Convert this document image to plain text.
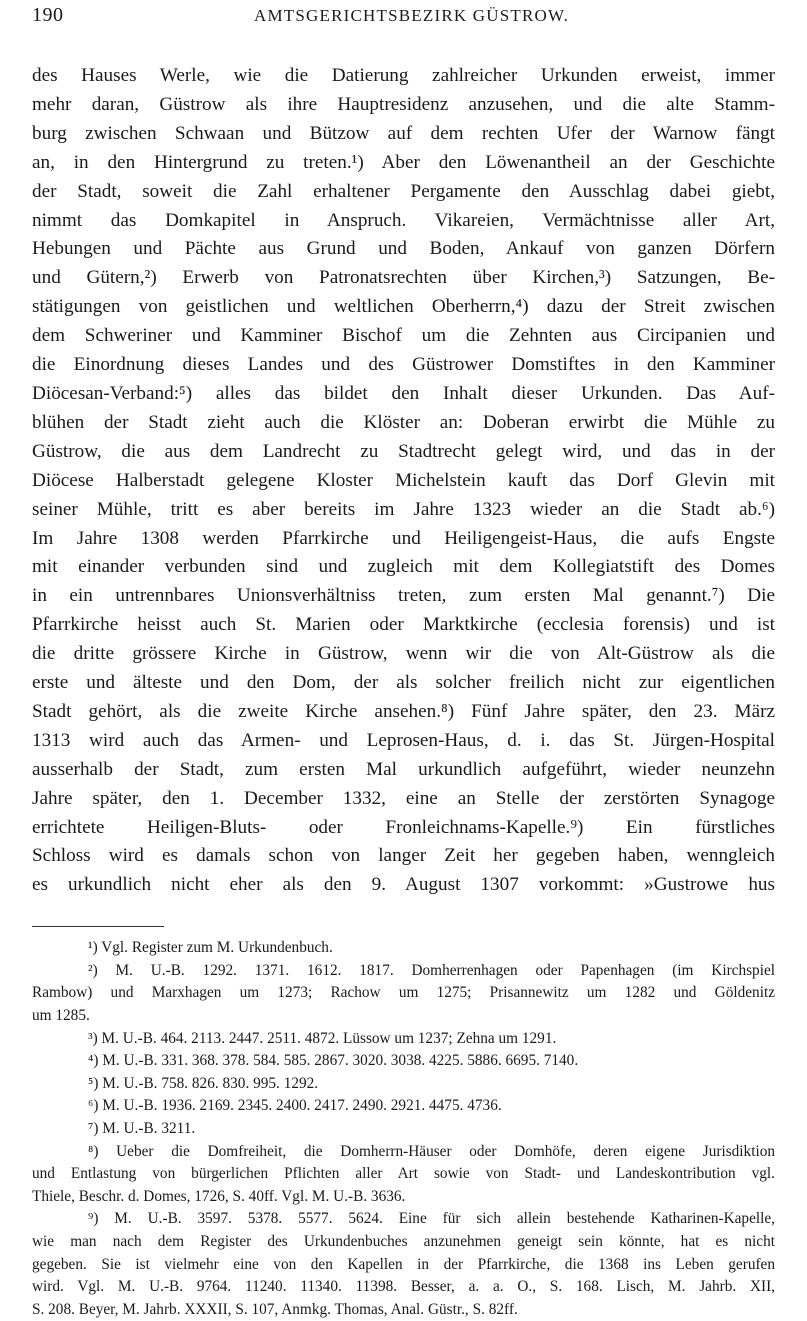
190	AMTSGERICHTSBEZIRK GÜSTROW.
des Hauses Werle, wie die Datierung zahlreicher Urkunden erweist, immer
mehr daran, Güstrow als ihre Hauptresidenz anzusehen, und die alte Stamm-
burg zwischen Schwaan und Bützow auf dem rechten Ufer der Warnow fängt
an, in den Hintergrund zu treten.¹) Aber den Löwenantheil an der Geschichte
der Stadt, soweit die Zahl erhaltener Pergamente den Ausschlag dabei giebt,
nimmt das Domkapitel in Anspruch. Vikareien, Vermächtnisse aller Art,
Hebungen und Pächte aus Grund und Boden, Ankauf von ganzen Dörfern
und Gütern,²) Erwerb von Patronatsrechten über Kirchen,³) Satzungen, Be-
stätigungen von geistlichen und weltlichen Oberherrn,⁴) dazu der Streit zwischen
dem Schweriner und Kamminer Bischof um die Zehnten aus Circipanien und
die Einordnung dieses Landes und des Güstrower Domstiftes in den Kamminer
Diöcesan-Verband:⁵) alles das bildet den Inhalt dieser Urkunden. Das Auf-
blühen der Stadt zieht auch die Klöster an: Doberan erwirbt die Mühle zu
Güstrow, die aus dem Landrecht zu Stadtrecht gelegt wird, und das in der
Diöcese Halberstadt gelegene Kloster Michelstein kauft das Dorf Glevin mit
seiner Mühle, tritt es aber bereits im Jahre 1323 wieder an die Stadt ab.⁶)
Im Jahre 1308 werden Pfarrkirche und Heiligengeist-Haus, die aufs Engste
mit einander verbunden sind und zugleich mit dem Kollegiatstift des Domes
in ein untrennbares Unionsverhältniss treten, zum ersten Mal genannt.⁷) Die
Pfarrkirche heisst auch St. Marien oder Marktkirche (ecclesia forensis) und ist
die dritte grössere Kirche in Güstrow, wenn wir die von Alt-Güstrow als die
erste und älteste und den Dom, der als solcher freilich nicht zur eigentlichen
Stadt gehört, als die zweite Kirche ansehen.⁸) Fünf Jahre später, den 23. März
1313 wird auch das Armen- und Leprosen-Haus, d. i. das St. Jürgen-Hospital
ausserhalb der Stadt, zum ersten Mal urkundlich aufgeführt, wieder neunzehn
Jahre später, den 1. December 1332, eine an Stelle der zerstörten Synagoge
errichtete Heiligen-Bluts- oder Fronleichnams-Kapelle.⁹) Ein fürstliches
Schloss wird es damals schon von langer Zeit her gegeben haben, wenngleich
es urkundlich nicht eher als den 9. August 1307 vorkommt: »Gustrowe hus
¹) Vgl. Register zum M. Urkundenbuch.
²) M. U.-B. 1292. 1371. 1612. 1817. Domherrenhagen oder Papenhagen (im Kirchspiel
Rambow) und Marxhagen um 1273; Rachow um 1275; Prisannewitz um 1282 und Göldenitz
um 1285.
³) M. U.-B. 464. 2113. 2447. 2511. 4872. Lüssow um 1237; Zehna um 1291.
⁴) M. U.-B. 331. 368. 378. 584. 585. 2867. 3020. 3038. 4225. 5886. 6695. 7140.
⁵) M. U.-B. 758. 826. 830. 995. 1292.
⁶) M. U.-B. 1936. 2169. 2345. 2400. 2417. 2490. 2921. 4475. 4736.
⁷) M. U.-B. 3211.
⁸) Ueber die Domfreiheit, die Domherrn-Häuser oder Domhöfe, deren eigene Jurisdiktion
und Entlastung von bürgerlichen Pflichten aller Art sowie von Stadt- und Landeskontribution vgl.
Thiele, Beschr. d. Domes, 1726, S. 40ff. Vgl. M. U.-B. 3636.
⁹) M. U.-B. 3597. 5378. 5577. 5624. Eine für sich allein bestehende Katharinen-Kapelle,
wie man nach dem Register des Urkundenbuches anzunehmen geneigt sein könnte, hat es nicht
gegeben. Sie ist vielmehr eine von den Kapellen in der Pfarrkirche, die 1368 ins Leben gerufen
wird. Vgl. M. U.-B. 9764. 11240. 11340. 11398. Besser, a. a. O., S. 168. Lisch, M. Jahrb. XII,
S. 208. Beyer, M. Jahrb. XXXII, S. 107, Anmkg. Thomas, Anal. Güstr., S. 82ff.
